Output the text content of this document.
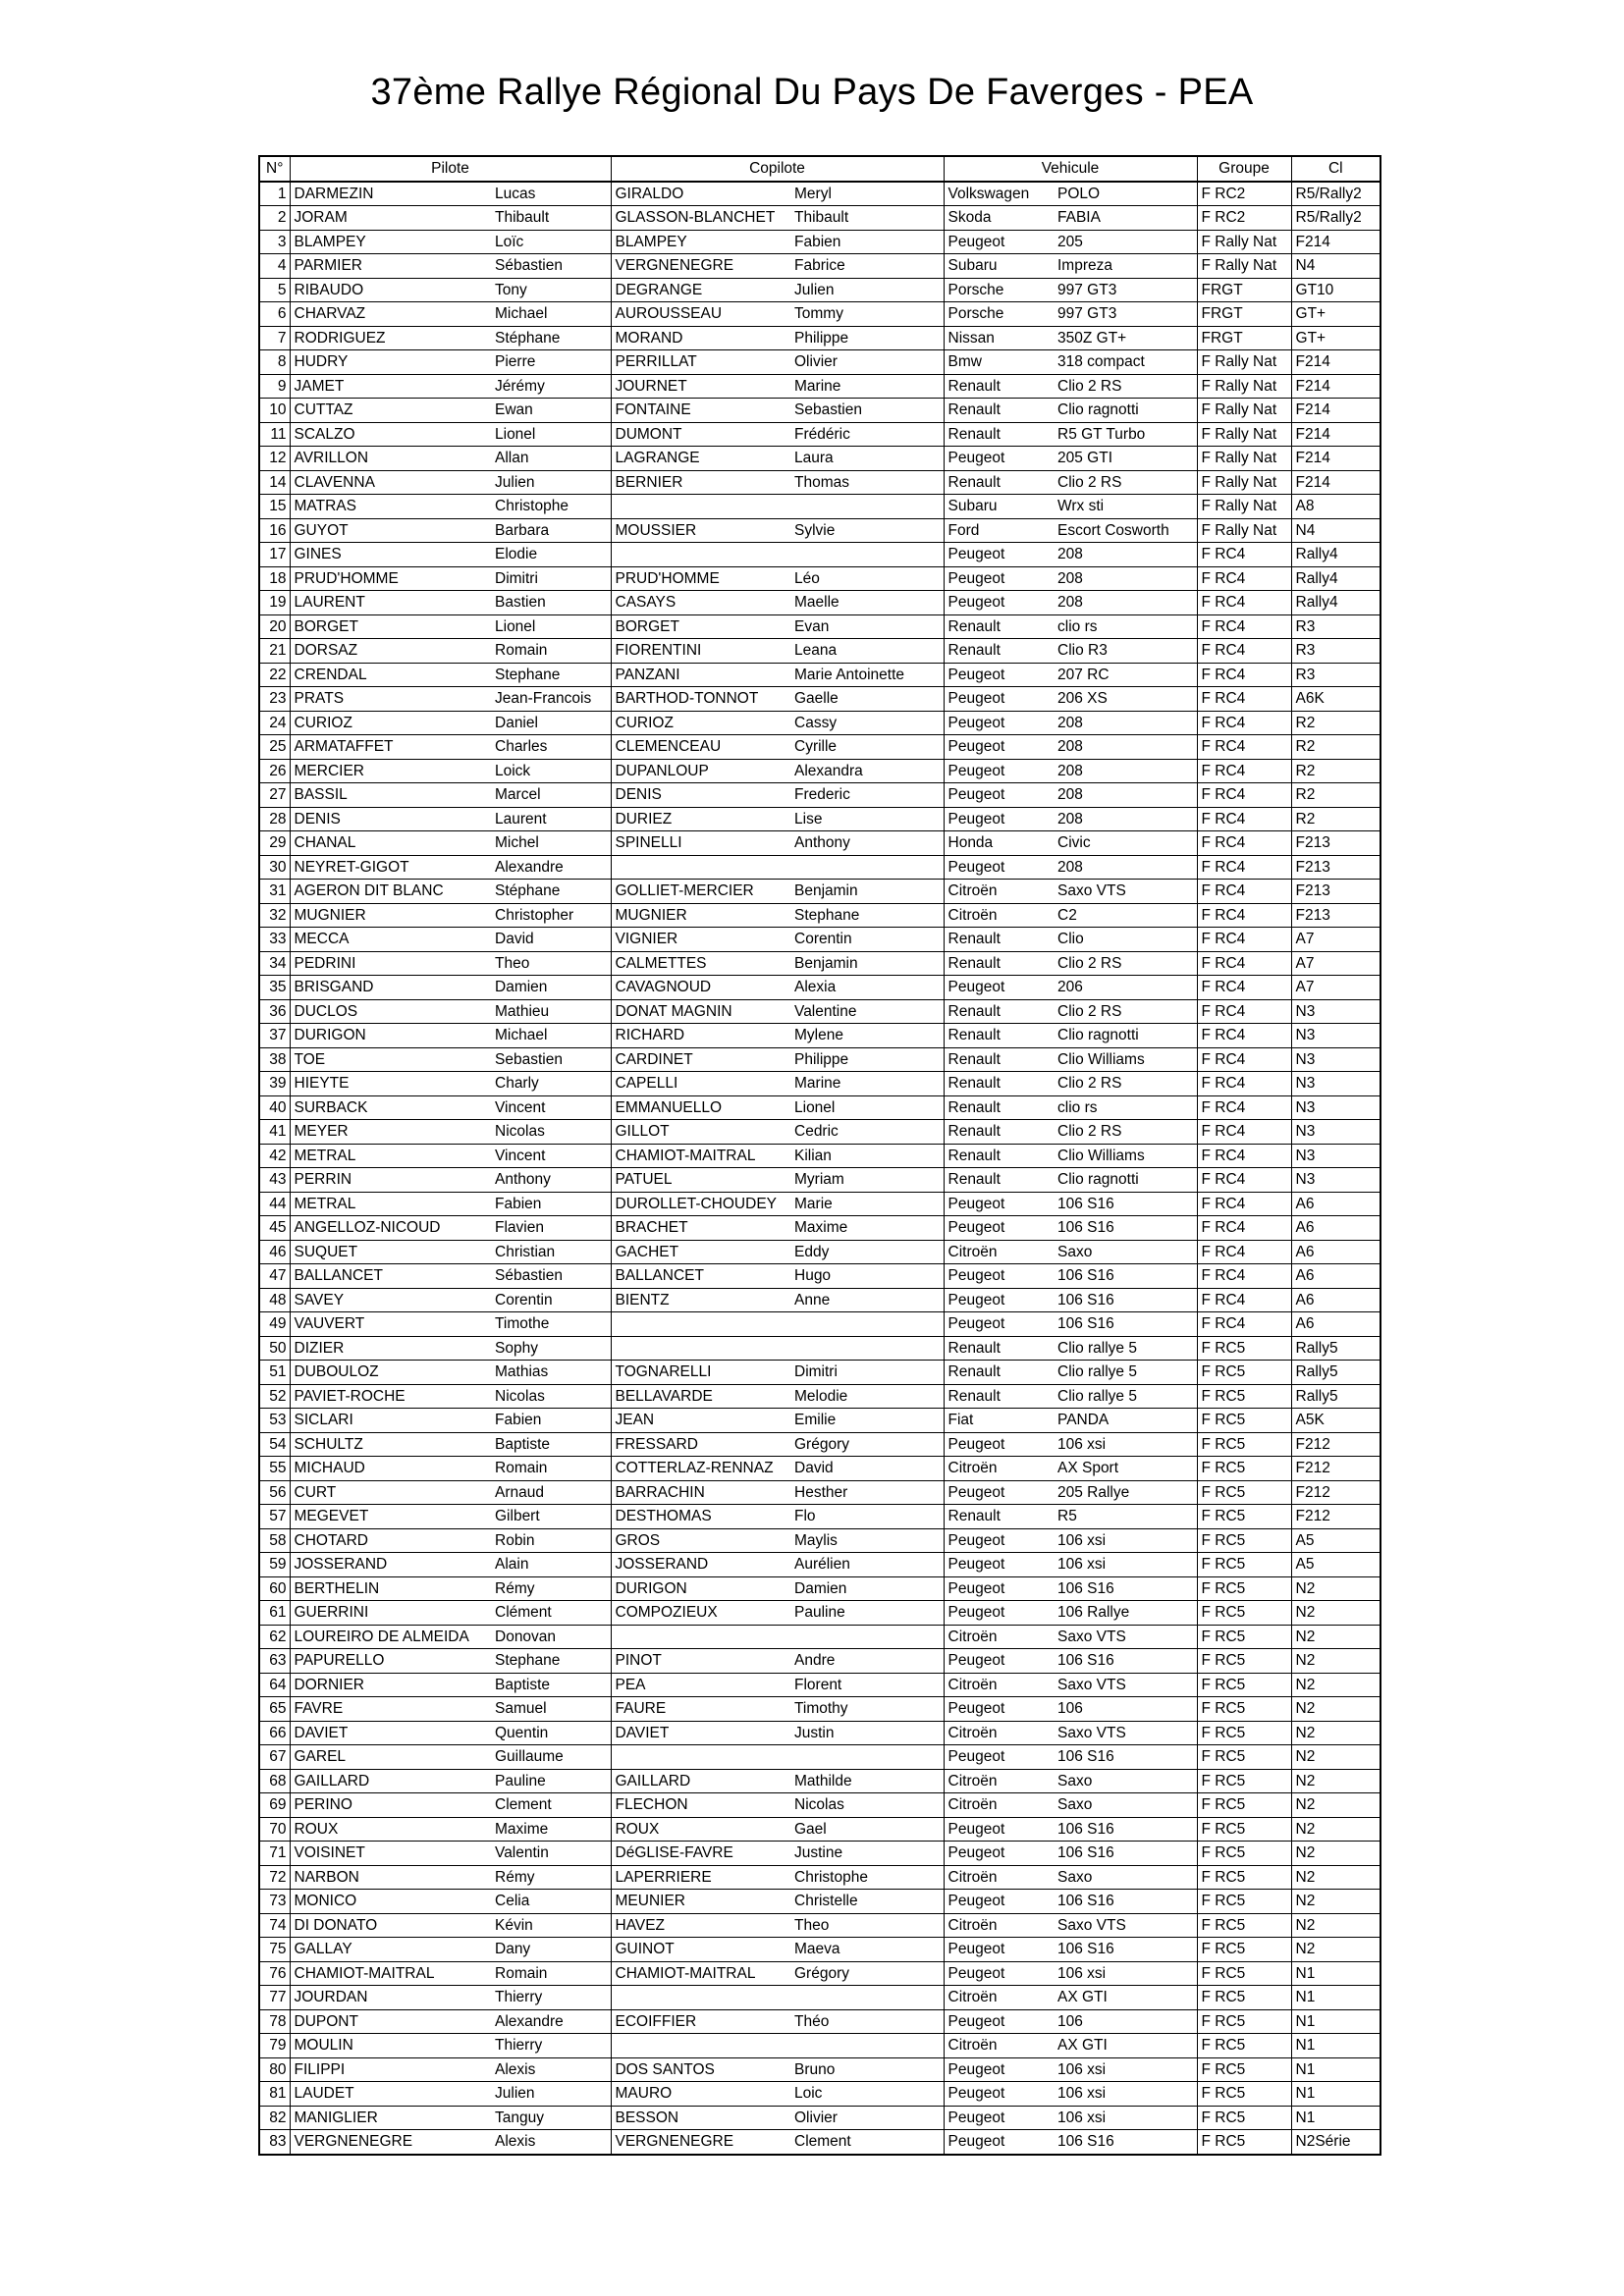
37ème Rallye Régional Du Pays De Faverges - PEA
N°	Pilote		Copilote		Vehicule		Groupe	Cl
1	DARMEZIN	Lucas	GIRALDO	Meryl	Volkswagen	POLO	F RC2	R5/Rally2
2	JORAM	Thibault	GLASSON-BLANCHET	Thibault	Skoda	FABIA	F RC2	R5/Rally2
3	BLAMPEY	Loïc	BLAMPEY	Fabien	Peugeot	205	F Rally Nat	F214
4	PARMIER	Sébastien	VERGNENEGRE	Fabrice	Subaru	Impreza	F Rally Nat	N4
5	RIBAUDO	Tony	DEGRANGE	Julien	Porsche	997 GT3	FRGT	GT10
6	CHARVAZ	Michael	AUROUSSEAU	Tommy	Porsche	997 GT3	FRGT	GT+
7	RODRIGUEZ	Stéphane	MORAND	Philippe	Nissan	350Z GT+	FRGT	GT+
8	HUDRY	Pierre	PERRILLAT	Olivier	Bmw	318 compact	F Rally Nat	F214
9	JAMET	Jérémy	JOURNET	Marine	Renault	Clio 2 RS	F Rally Nat	F214
10	CUTTAZ	Ewan	FONTAINE	Sebastien	Renault	Clio ragnotti	F Rally Nat	F214
11	SCALZO	Lionel	DUMONT	Frédéric	Renault	R5 GT Turbo	F Rally Nat	F214
12	AVRILLON	Allan	LAGRANGE	Laura	Peugeot	205 GTI	F Rally Nat	F214
14	CLAVENNA	Julien	BERNIER	Thomas	Renault	Clio 2 RS	F Rally Nat	F214
15	MATRAS	Christophe			Subaru	Wrx sti	F Rally Nat	A8
16	GUYOT	Barbara	MOUSSIER	Sylvie	Ford	Escort Cosworth	F Rally Nat	N4
17	GINES	Elodie			Peugeot	208	F RC4	Rally4
18	PRUD'HOMME	Dimitri	PRUD'HOMME	Léo	Peugeot	208	F RC4	Rally4
19	LAURENT	Bastien	CASAYS	Maelle	Peugeot	208	F RC4	Rally4
20	BORGET	Lionel	BORGET	Evan	Renault	clio rs	F RC4	R3
21	DORSAZ	Romain	FIORENTINI	Leana	Renault	Clio R3	F RC4	R3
22	CRENDAL	Stephane	PANZANI	Marie Antoinette	Peugeot	207 RC	F RC4	R3
23	PRATS	Jean-Francois	BARTHOD-TONNOT	Gaelle	Peugeot	206 XS	F RC4	A6K
24	CURIOZ	Daniel	CURIOZ	Cassy	Peugeot	208	F RC4	R2
25	ARMATAFFET	Charles	CLEMENCEAU	Cyrille	Peugeot	208	F RC4	R2
26	MERCIER	Loick	DUPANLOUP	Alexandra	Peugeot	208	F RC4	R2
27	BASSIL	Marcel	DENIS	Frederic	Peugeot	208	F RC4	R2
28	DENIS	Laurent	DURIEZ	Lise	Peugeot	208	F RC4	R2
29	CHANAL	Michel	SPINELLI	Anthony	Honda	Civic	F RC4	F213
30	NEYRET-GIGOT	Alexandre			Peugeot	208	F RC4	F213
31	AGERON DIT BLANC	Stéphane	GOLLIET-MERCIER	Benjamin	Citroën	Saxo VTS	F RC4	F213
32	MUGNIER	Christopher	MUGNIER	Stephane	Citroën	C2	F RC4	F213
33	MECCA	David	VIGNIER	Corentin	Renault	Clio	F RC4	A7
34	PEDRINI	Theo	CALMETTES	Benjamin	Renault	Clio 2 RS	F RC4	A7
35	BRISGAND	Damien	CAVAGNOUD	Alexia	Peugeot	206	F RC4	A7
36	DUCLOS	Mathieu	DONAT MAGNIN	Valentine	Renault	Clio 2 RS	F RC4	N3
37	DURIGON	Michael	RICHARD	Mylene	Renault	Clio ragnotti	F RC4	N3
38	TOE	Sebastien	CARDINET	Philippe	Renault	Clio Williams	F RC4	N3
39	HIEYTE	Charly	CAPELLI	Marine	Renault	Clio 2 RS	F RC4	N3
40	SURBACK	Vincent	EMMANUELLO	Lionel	Renault	clio rs	F RC4	N3
41	MEYER	Nicolas	GILLOT	Cedric	Renault	Clio 2 RS	F RC4	N3
42	METRAL	Vincent	CHAMIOT-MAITRAL	Kilian	Renault	Clio Williams	F RC4	N3
43	PERRIN	Anthony	PATUEL	Myriam	Renault	Clio ragnotti	F RC4	N3
44	METRAL	Fabien	DUROLLET-CHOUDEY	Marie	Peugeot	106 S16	F RC4	A6
45	ANGELLOZ-NICOUD	Flavien	BRACHET	Maxime	Peugeot	106 S16	F RC4	A6
46	SUQUET	Christian	GACHET	Eddy	Citroën	Saxo	F RC4	A6
47	BALLANCET	Sébastien	BALLANCET	Hugo	Peugeot	106 S16	F RC4	A6
48	SAVEY	Corentin	BIENTZ	Anne	Peugeot	106 S16	F RC4	A6
49	VAUVERT	Timothe			Peugeot	106 S16	F RC4	A6
50	DIZIER	Sophy			Renault	Clio rallye 5	F RC5	Rally5
51	DUBOULOZ	Mathias	TOGNARELLI	Dimitri	Renault	Clio rallye 5	F RC5	Rally5
52	PAVIET-ROCHE	Nicolas	BELLAVARDE	Melodie	Renault	Clio rallye 5	F RC5	Rally5
53	SICLARI	Fabien	JEAN	Emilie	Fiat	PANDA	F RC5	A5K
54	SCHULTZ	Baptiste	FRESSARD	Grégory	Peugeot	106 xsi	F RC5	F212
55	MICHAUD	Romain	COTTERLAZ-RENNAZ	David	Citroën	AX Sport	F RC5	F212
56	CURT	Arnaud	BARRACHIN	Hesther	Peugeot	205 Rallye	F RC5	F212
57	MEGEVET	Gilbert	DESTHOMAS	Flo	Renault	R5	F RC5	F212
58	CHOTARD	Robin	GROS	Maylis	Peugeot	106 xsi	F RC5	A5
59	JOSSERAND	Alain	JOSSERAND	Aurélien	Peugeot	106 xsi	F RC5	A5
60	BERTHELIN	Rémy	DURIGON	Damien	Peugeot	106 S16	F RC5	N2
61	GUERRINI	Clément	COMPOZIEUX	Pauline	Peugeot	106 Rallye	F RC5	N2
62	LOUREIRO DE ALMEIDA	Donovan			Citroën	Saxo VTS	F RC5	N2
63	PAPURELLO	Stephane	PINOT	Andre	Peugeot	106 S16	F RC5	N2
64	DORNIER	Baptiste	PEA	Florent	Citroën	Saxo VTS	F RC5	N2
65	FAVRE	Samuel	FAURE	Timothy	Peugeot	106	F RC5	N2
66	DAVIET	Quentin	DAVIET	Justin	Citroën	Saxo VTS	F RC5	N2
67	GAREL	Guillaume			Peugeot	106 S16	F RC5	N2
68	GAILLARD	Pauline	GAILLARD	Mathilde	Citroën	Saxo	F RC5	N2
69	PERINO	Clement	FLECHON	Nicolas	Citroën	Saxo	F RC5	N2
70	ROUX	Maxime	ROUX	Gael	Peugeot	106 S16	F RC5	N2
71	VOISINET	Valentin	DéGLISE-FAVRE	Justine	Peugeot	106 S16	F RC5	N2
72	NARBON	Rémy	LAPERRIERE	Christophe	Citroën	Saxo	F RC5	N2
73	MONICO	Celia	MEUNIER	Christelle	Peugeot	106 S16	F RC5	N2
74	DI DONATO	Kévin	HAVEZ	Theo	Citroën	Saxo VTS	F RC5	N2
75	GALLAY	Dany	GUINOT	Maeva	Peugeot	106 S16	F RC5	N2
76	CHAMIOT-MAITRAL	Romain	CHAMIOT-MAITRAL	Grégory	Peugeot	106 xsi	F RC5	N1
77	JOURDAN	Thierry			Citroën	AX GTI	F RC5	N1
78	DUPONT	Alexandre	ECOIFFIER	Théo	Peugeot	106	F RC5	N1
79	MOULIN	Thierry			Citroën	AX GTI	F RC5	N1
80	FILIPPI	Alexis	DOS SANTOS	Bruno	Peugeot	106 xsi	F RC5	N1
81	LAUDET	Julien	MAURO	Loic	Peugeot	106 xsi	F RC5	N1
82	MANIGLIER	Tanguy	BESSON	Olivier	Peugeot	106 xsi	F RC5	N1
83	VERGNENEGRE	Alexis	VERGNENEGRE	Clement	Peugeot	106 S16	F RC5	N2Série
